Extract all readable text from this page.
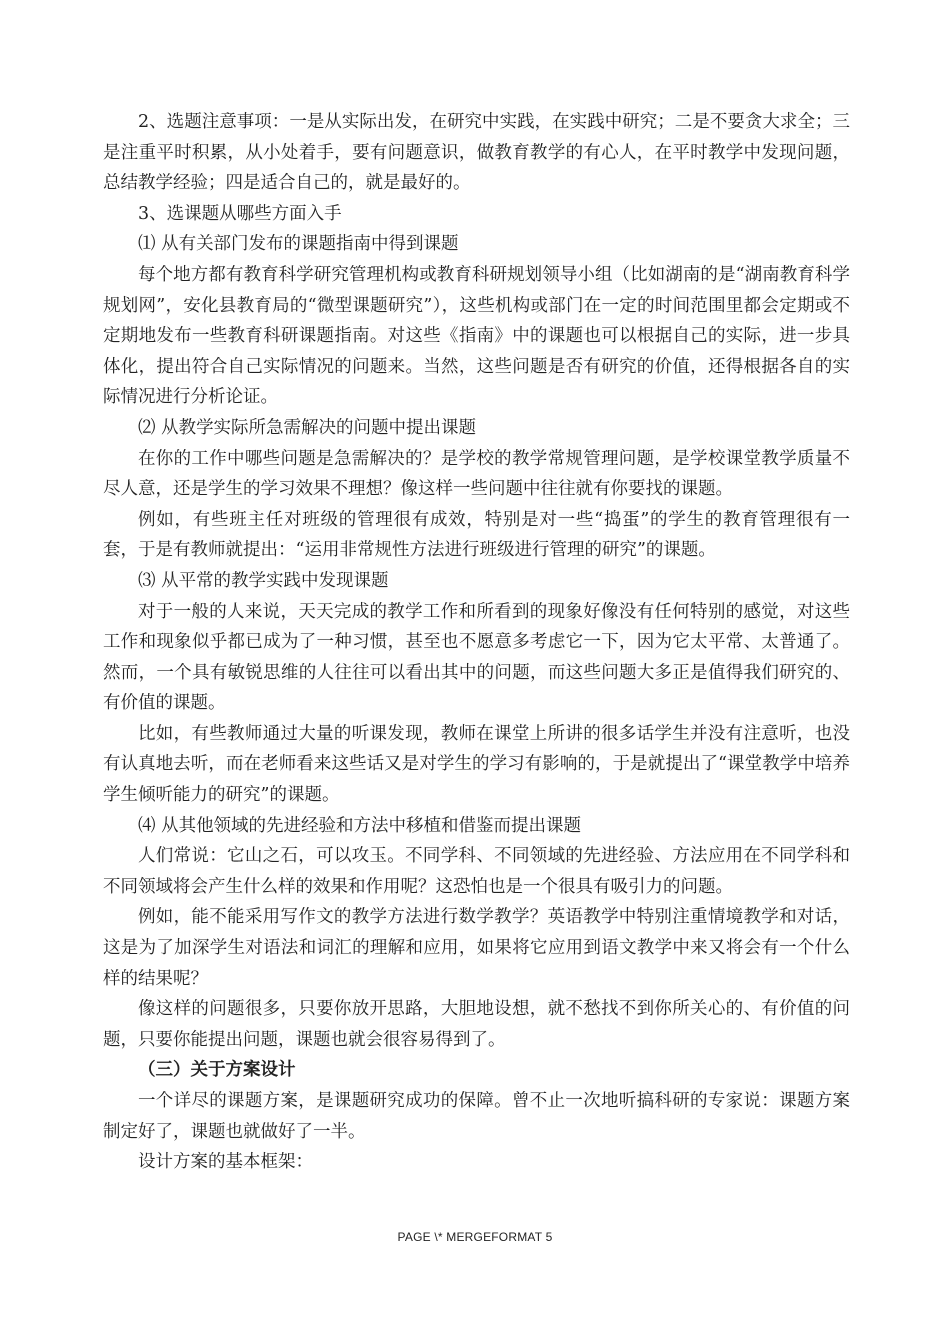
2、选题注意事项：一是从实际出发，在研究中实践，在实践中研究；二是不要贪大求全；三是注重平时积累，从小处着手，要有问题意识，做教育教学的有心人，在平时教学中发现问题，总结教学经验；四是适合自己的，就是最好的。

3、选课题从哪些方面入手

⑴ 从有关部门发布的课题指南中得到课题

每个地方都有教育科学研究管理机构或教育科研规划领导小组（比如湖南的是“湖南教育科学规划网”，安化县教育局的“微型课题研究”），这些机构或部门在一定的时间范围里都会定期或不定期地发布一些教育科研课题指南。对这些《指南》中的课题也可以根据自己的实际，进一步具体化，提出符合自己实际情况的问题来。当然，这些问题是否有研究的价值，还得根据各自的实际情况进行分析论证。

⑵ 从教学实际所急需解决的问题中提出课题

在你的工作中哪些问题是急需解决的？是学校的教学常规管理问题，是学校课堂教学质量不尽人意，还是学生的学习效果不理想？像这样一些问题中往往就有你要找的课题。

例如，有些班主任对班级的管理很有成效，特别是对一些“捣蛋”的学生的教育管理很有一套，于是有教师就提出：“运用非常规性方法进行班级进行管理的研究”的课题。

⑶ 从平常的教学实践中发现课题

对于一般的人来说，天天完成的教学工作和所看到的现象好像没有任何特别的感觉，对这些工作和现象似乎都已成为了一种习惯，甚至也不愿意多考虑它一下，因为它太平常、太普通了。然而，一个具有敏锐思维的人往往可以看出其中的问题，而这些问题大多正是值得我们研究的、有价值的课题。

比如，有些教师通过大量的听课发现，教师在课堂上所讲的很多话学生并没有注意听，也没有认真地去听，而在老师看来这些话又是对学生的学习有影响的，于是就提出了“课堂教学中培养学生倾听能力的研究”的课题。

⑷ 从其他领域的先进经验和方法中移植和借鉴而提出课题

人们常说：它山之石，可以攻玉。不同学科、不同领域的先进经验、方法应用在不同学科和不同领域将会产生什么样的效果和作用呢？这恐怕也是一个很具有吸引力的问题。

例如，能不能采用写作文的教学方法进行数学教学？英语教学中特别注重情境教学和对话，这是为了加深学生对语法和词汇的理解和应用，如果将它应用到语文教学中来又将会有一个什么样的结果呢？

像这样的问题很多，只要你放开思路，大胆地设想，就不愁找不到你所关心的、有价值的问题，只要你能提出问题，课题也就会很容易得到了。

（三）关于方案设计

一个详尽的课题方案，是课题研究成功的保障。曾不止一次地听搞科研的专家说：课题方案制定好了，课题也就做好了一半。

设计方案的基本框架：

PAGE \* MERGEFORMAT 5
